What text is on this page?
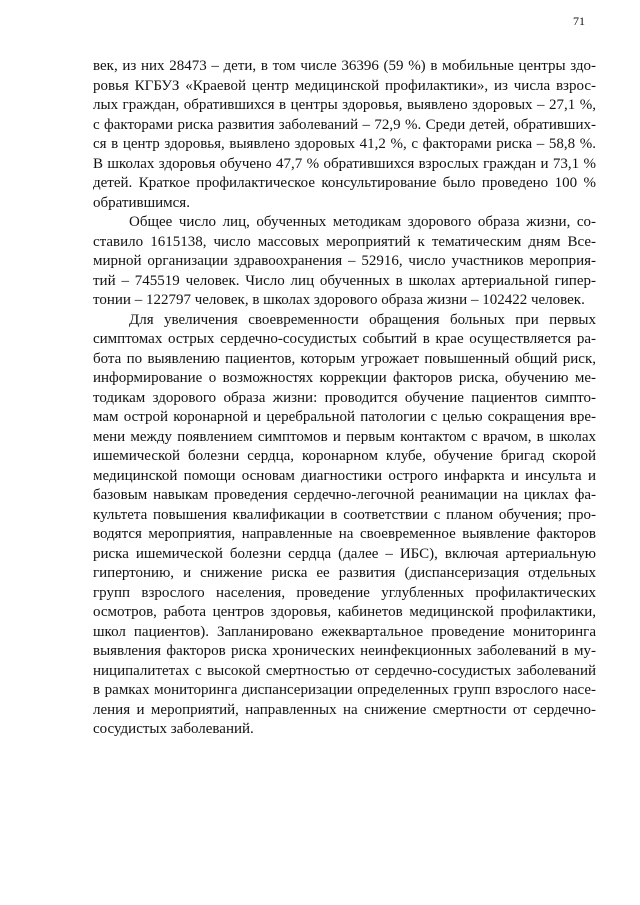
71
век, из них 28473 – дети, в том числе 36396 (59 %) в мобильные центры здо-
ровья КГБУЗ «Краевой центр медицинской профилактики», из числа взрос-
лых граждан, обратившихся в центры здоровья, выявлено здоровых – 27,1 %,
с факторами риска развития заболеваний – 72,9 %. Среди детей, обративших-
ся в центр здоровья, выявлено здоровых 41,2 %, с факторами риска – 58,8 %.
В школах здоровья обучено 47,7 % обратившихся взрослых граждан и 73,1 %
детей. Краткое профилактическое консультирование было проведено 100 %
обратившимся.
Общее число лиц, обученных методикам здорового образа жизни, со-
ставило 1615138, число массовых мероприятий к тематическим дням Все-
мирной организации здравоохранения – 52916, число участников мероприя-
тий – 745519 человек. Число лиц обученных в школах артериальной гипер-
тонии – 122797 человек, в школах здорового образа жизни – 102422 человек.
Для увеличения своевременности обращения больных при первых
симптомах острых сердечно-сосудистых событий в крае осуществляется ра-
бота по выявлению пациентов, которым угрожает повышенный общий риск,
информирование о возможностях коррекции факторов риска, обучению ме-
тодикам здорового образа жизни: проводится обучение пациентов симпто-
мам острой коронарной и церебральной патологии с целью сокращения вре-
мени между появлением симптомов и первым контактом с врачом, в школах
ишемической болезни сердца, коронарном клубе, обучение бригад скорой
медицинской помощи основам диагностики острого инфаркта и инсульта и
базовым навыкам проведения сердечно-легочной реанимации на циклах фа-
культета повышения квалификации в соответствии с планом обучения; про-
водятся мероприятия, направленные на своевременное выявление факторов
риска ишемической болезни сердца (далее – ИБС), включая артериальную
гипертонию, и снижение риска ее развития (диспансеризация отдельных
групп взрослого населения, проведение углубленных профилактических
осмотров, работа центров здоровья, кабинетов медицинской профилактики,
школ пациентов). Запланировано ежеквартальное проведение мониторинга
выявления факторов риска хронических неинфекционных заболеваний в му-
ниципалитетах с высокой смертностью от сердечно-сосудистых заболеваний
в рамках мониторинга диспансеризации определенных групп взрослого насе-
ления и мероприятий, направленных на снижение смертности от сердечно-
сосудистых заболеваний.
